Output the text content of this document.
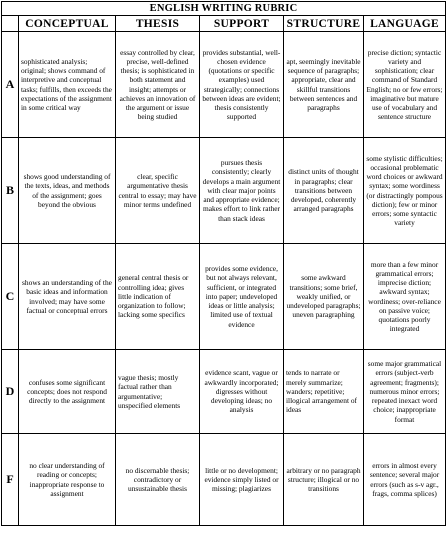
ENGLISH WRITING RUBRIC					
	CONCEPTUAL	THESIS	SUPPORT	STRUCTURE	LANGUAGE
A	sophisticated analysis; original; shows command of interpretive and conceptual tasks; fulfills, then exceeds the expectations of the assignment in some critical way	essay controlled by clear, precise, well-defined thesis; is sophisticated in both statement and insight; attempts or achieves an innovation of the argument or issue being studied	provides substantial, well-chosen evidence (quotations or specific examples) used strategically; connections between ideas are evident; thesis consistently supported	apt, seemingly inevitable sequence of paragraphs; appropriate, clear and skillful transitions between sentences and paragraphs	precise diction; syntactic variety and sophistication; clear command of Standard English; no or few errors; imaginative but mature use of vocabulary and sentence structure
B	shows good understanding of the texts, ideas, and methods of the assignment; goes beyond the obvious	clear, specific argumentative thesis central to essay; may have minor terms undefined	pursues thesis consistently; clearly develops a main argument with clear major points and appropriate evidence; makes effort to link rather than stack ideas	distinct units of thought in paragraphs; clear transitions between developed, coherently arranged paragraphs	some stylistic difficulties; occasional problematic word choices or awkward syntax; some wordiness (or distractingly pompous diction); few or minor errors; some syntactic variety
C	shows an understanding of the basic ideas and information involved; may have some factual or conceptual errors	general central thesis or controlling idea; gives little indication of organization to follow; lacking some specifics	provides some evidence, but not always relevant, sufficient, or integrated into paper; undeveloped ideas or little analysis; limited use of textual evidence	some awkward transitions; some brief, weakly unified, or undeveloped paragraphs; uneven paragraphing	more than a few minor grammatical errors; imprecise diction; awkward syntax; wordiness; over-reliance on passive voice; quotations poorly integrated
D	confuses some significant concepts; does not respond directly to the assignment	vague thesis; mostly factual rather than argumentative; unspecified elements	evidence scant, vague or awkwardly incorporated; digresses without developing ideas; no analysis	tends to narrate or merely summarize; wanders; repetitive; illogical arrangement of ideas	some major grammatical errors (subject-verb agreement; fragments); numerous minor errors; repeated inexact word choice; inappropriate format
F	no clear understanding of reading or concepts; inappropriate response to assignment	no discernable thesis; contradictory or unsustainable thesis	little or no development; evidence simply listed or missing; plagiarizes	arbitrary or no paragraph structure; illogical or no transitions	errors in almost every sentence; several major errors (such as s-v agr., frags, comma splices)
